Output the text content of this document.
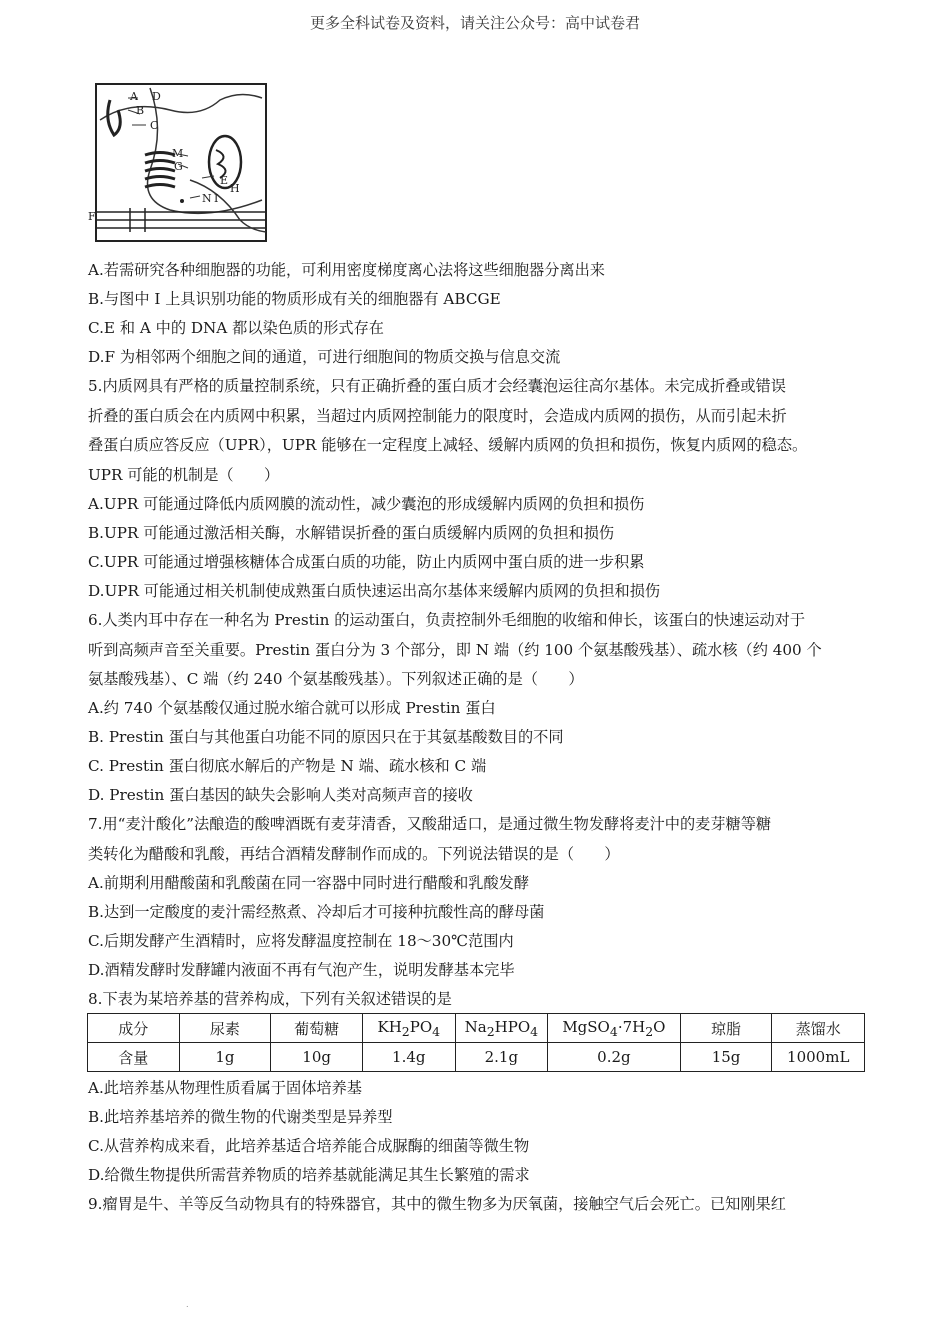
更多全科试卷及资料，请关注公众号：高中试卷君
A D
B
C
M
G
E
H
N I
F
A.若需研究各种细胞器的功能，可利用密度梯度离心法将这些细胞器分离出来
B.与图中 I 上具识别功能的物质形成有关的细胞器有 ABCGE
C.E 和 A 中的 DNA 都以染色质的形式存在
D.F 为相邻两个细胞之间的通道，可进行细胞间的物质交换与信息交流
5.内质网具有严格的质量控制系统，只有正确折叠的蛋白质才会经囊泡运往高尔基体。未完成折叠或错误
折叠的蛋白质会在内质网中积累，当超过内质网控制能力的限度时，会造成内质网的损伤，从而引起未折
叠蛋白质应答反应（UPR），UPR 能够在一定程度上减轻、缓解内质网的负担和损伤，恢复内质网的稳态。
UPR 可能的机制是（　　）
A.UPR 可能通过降低内质网膜的流动性，减少囊泡的形成缓解内质网的负担和损伤
B.UPR 可能通过激活相关酶，水解错误折叠的蛋白质缓解内质网的负担和损伤
C.UPR 可能通过增强核糖体合成蛋白质的功能，防止内质网中蛋白质的进一步积累
D.UPR 可能通过相关机制使成熟蛋白质快速运出高尔基体来缓解内质网的负担和损伤
6.人类内耳中存在一种名为 Prestin 的运动蛋白，负责控制外毛细胞的收缩和伸长，该蛋白的快速运动对于
听到高频声音至关重要。Prestin 蛋白分为 3 个部分，即 N 端（约 100 个氨基酸残基）、疏水核（约 400 个
氨基酸残基）、C 端（约 240 个氨基酸残基）。下列叙述正确的是（　　）
A.约 740 个氨基酸仅通过脱水缩合就可以形成 Prestin 蛋白
B. Prestin 蛋白与其他蛋白功能不同的原因只在于其氨基酸数目的不同
C. Prestin 蛋白彻底水解后的产物是 N 端、疏水核和 C 端
D. Prestin 蛋白基因的缺失会影响人类对高频声音的接收
7.用“麦汁酸化”法酿造的酸啤酒既有麦芽清香，又酸甜适口，是通过微生物发酵将麦汁中的麦芽糖等糖
类转化为醋酸和乳酸，再结合酒精发酵制作而成的。下列说法错误的是（　　）
A.前期利用醋酸菌和乳酸菌在同一容器中同时进行醋酸和乳酸发酵
B.达到一定酸度的麦汁需经熬煮、冷却后才可接种抗酸性高的酵母菌
C.后期发酵产生酒精时，应将发酵温度控制在 18～30℃范围内
D.酒精发酵时发酵罐内液面不再有气泡产生，说明发酵基本完毕
8.下表为某培养基的营养构成，下列有关叙述错误的是
成分	尿素	葡萄糖	$KH_2PO_4$	$Na_2HPO_4$	$MgSO_4\cdot 7H_2O$	琼脂	蒸馏水
含量	1g	10g	1.4g	2.1g	0.2g	15g	1000mL
A.此培养基从物理性质看属于固体培养基
B.此培养基培养的微生物的代谢类型是异养型
C.从营养构成来看，此培养基适合培养能合成脲酶的细菌等微生物
D.给微生物提供所需营养物质的培养基就能满足其生长繁殖的需求
9.瘤胃是牛、羊等反刍动物具有的特殊器官，其中的微生物多为厌氧菌，接触空气后会死亡。已知刚果红
.
